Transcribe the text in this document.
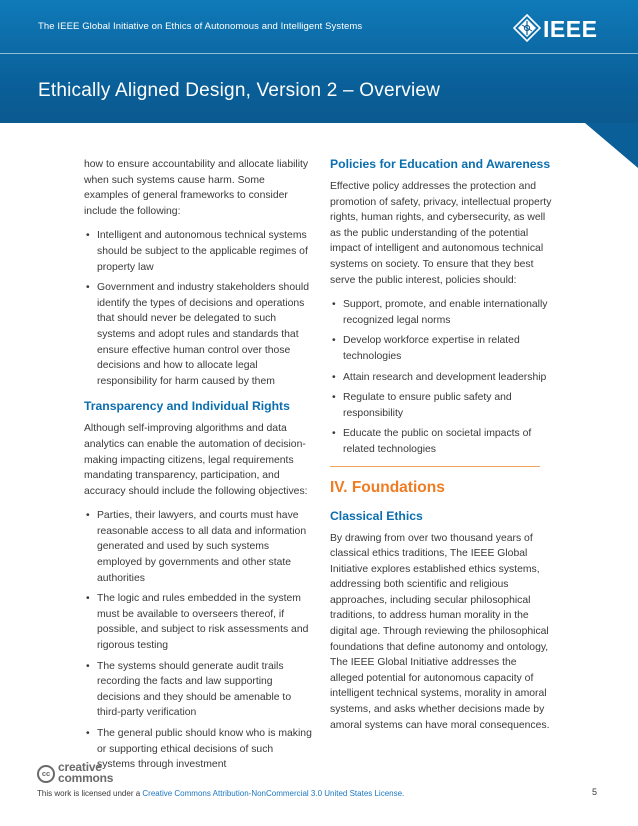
The IEEE Global Initiative on Ethics of Autonomous and Intelligent Systems	IEEE
Ethically Aligned Design, Version 2 – Overview

how to ensure accountability and allocate liability when such systems cause harm. Some examples of general frameworks to consider include the following:

• Intelligent and autonomous technical systems should be subject to the applicable regimes of property law
• Government and industry stakeholders should identify the types of decisions and operations that should never be delegated to such systems and adopt rules and standards that ensure effective human control over those decisions and how to allocate legal responsibility for harm caused by them
Transparency and Individual Rights

Although self-improving algorithms and data analytics can enable the automation of decision-making impacting citizens, legal requirements mandating transparency, participation, and accuracy should include the following objectives:

• Parties, their lawyers, and courts must have reasonable access to all data and information generated and used by such systems employed by governments and other state authorities
• The logic and rules embedded in the system must be available to overseers thereof, if possible, and subject to risk assessments and rigorous testing
• The systems should generate audit trails recording the facts and law supporting decisions and they should be amenable to third-party verification
• The general public should know who is making or supporting ethical decisions of such systems through investment
Policies for Education and Awareness

Effective policy addresses the protection and promotion of safety, privacy, intellectual property rights, human rights, and cybersecurity, as well as the public understanding of the potential impact of intelligent and autonomous technical systems on society. To ensure that they best serve the public interest, policies should:

• Support, promote, and enable internationally recognized legal norms
• Develop workforce expertise in related technologies
• Attain research and development leadership
• Regulate to ensure public safety and responsibility
• Educate the public on societal impacts of related technologies
IV. Foundations
Classical Ethics

By drawing from over two thousand years of classical ethics traditions, The IEEE Global Initiative explores established ethics systems, addressing both scientific and religious approaches, including secular philosophical traditions, to address human morality in the digital age. Through reviewing the philosophical foundations that define autonomy and ontology, The IEEE Global Initiative addresses the alleged potential for autonomous capacity of intelligent technical systems, morality in amoral systems, and asks whether decisions made by amoral systems can have moral consequences.

cc creative
commons
This work is licensed under a Creative Commons Attribution-NonCommercial 3.0 United States License.	5
